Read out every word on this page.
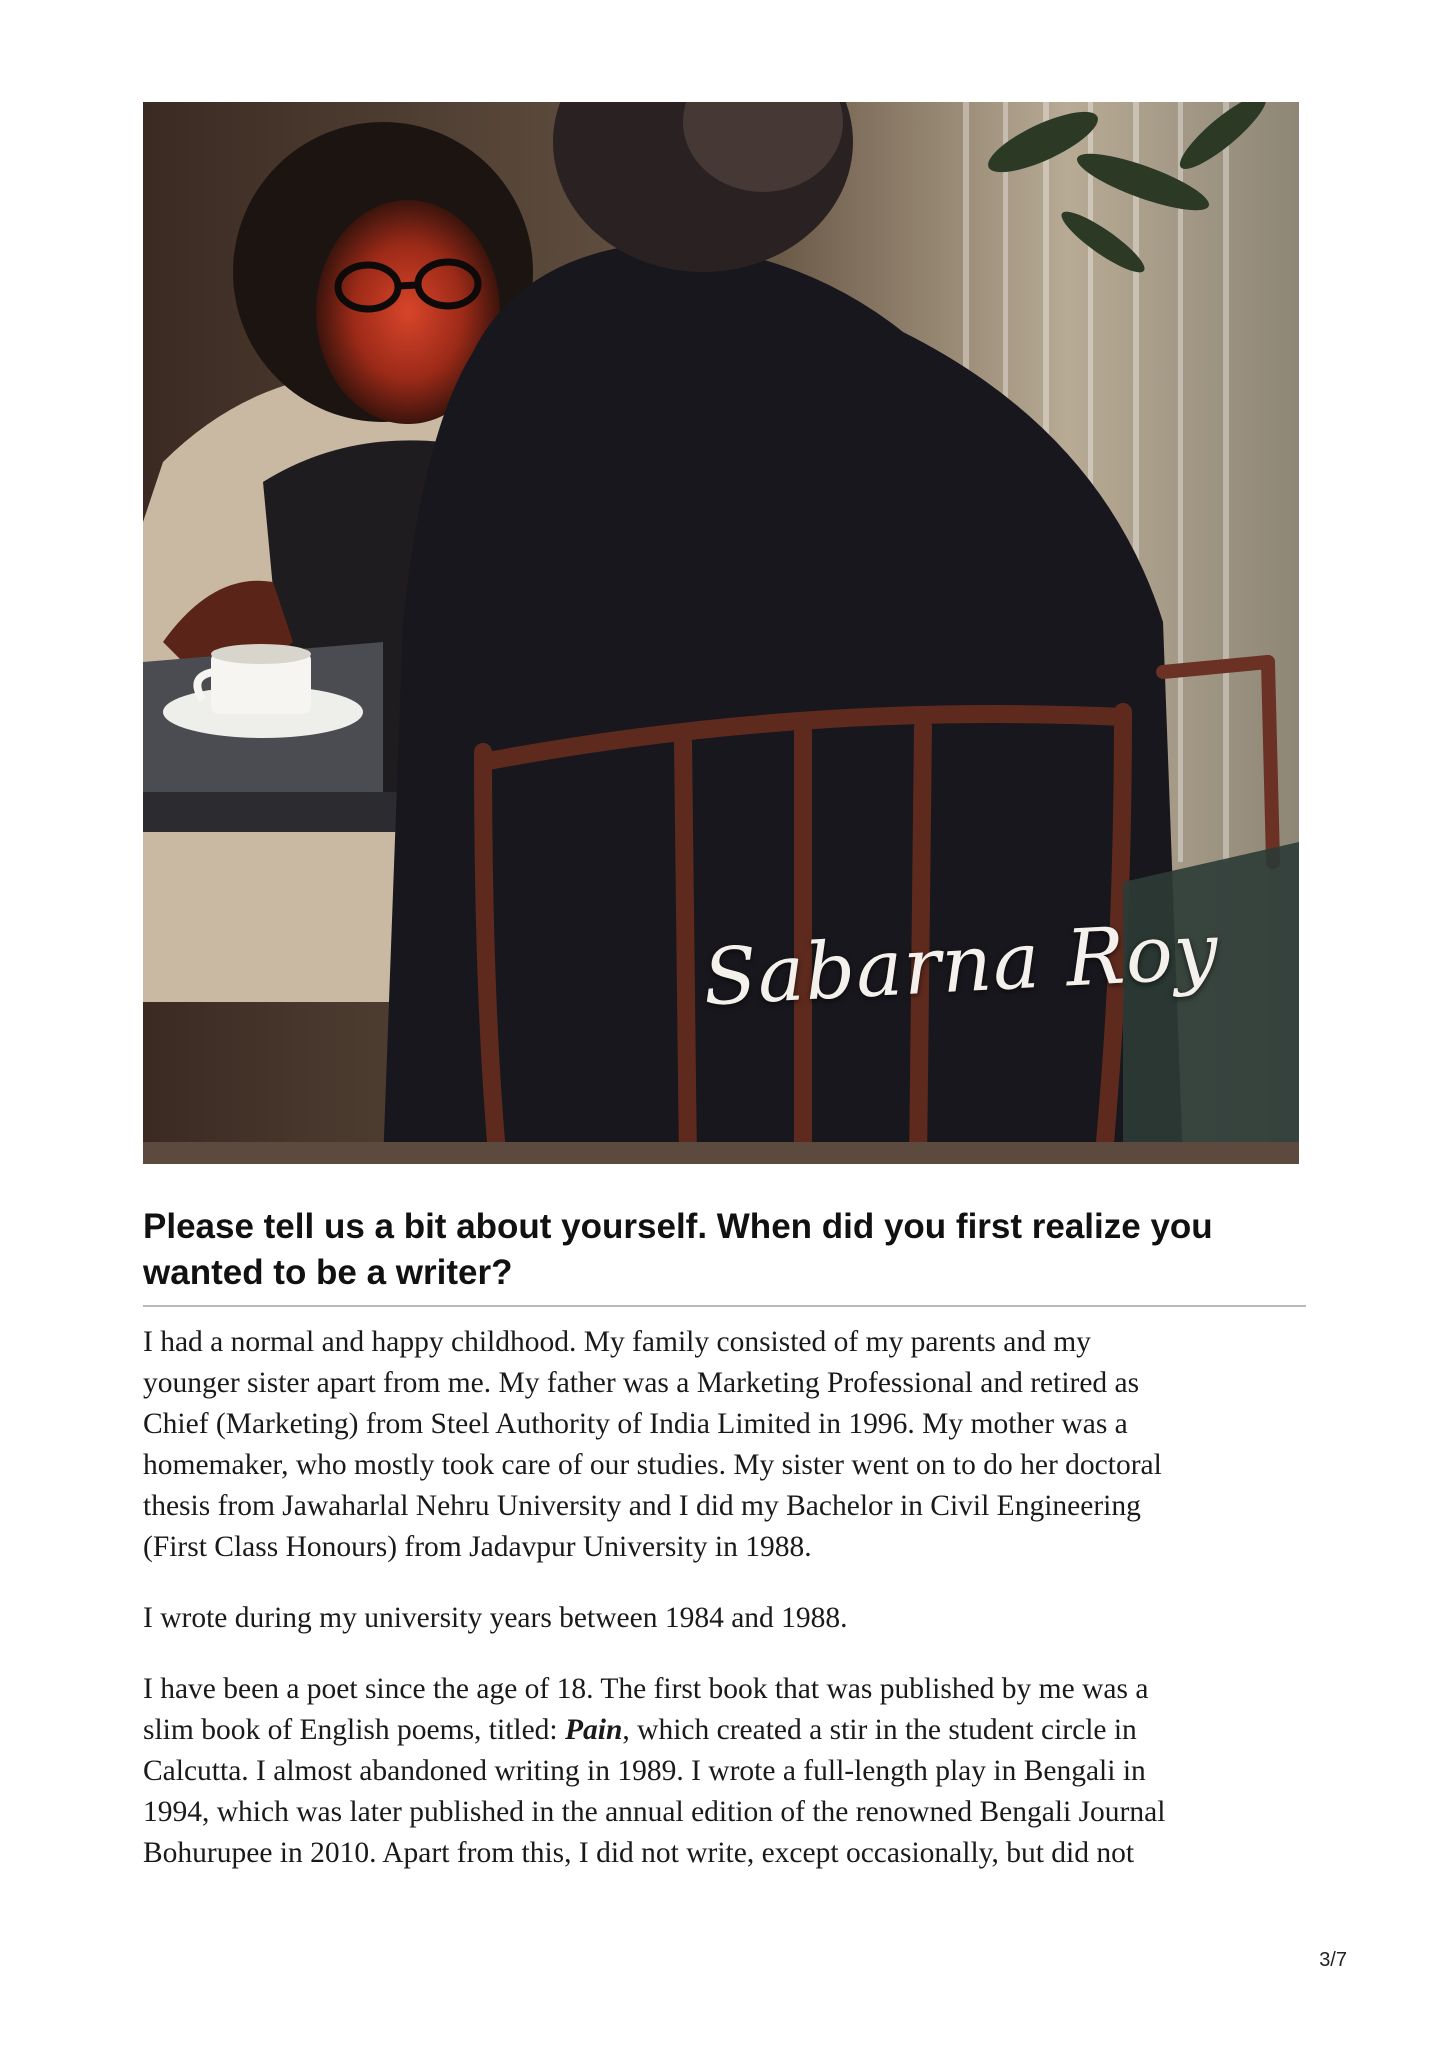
Sabarna Roy
Please tell us a bit about yourself. When did you first realize you wanted to be a writer?

I had a normal and happy childhood. My family consisted of my parents and my
younger sister apart from me. My father was a Marketing Professional and retired as
Chief (Marketing) from Steel Authority of India Limited in 1996. My mother was a
homemaker, who mostly took care of our studies. My sister went on to do her doctoral
thesis from Jawaharlal Nehru University and I did my Bachelor in Civil Engineering
(First Class Honours) from Jadavpur University in 1988.

I wrote during my university years between 1984 and 1988.

I have been a poet since the age of 18. The first book that was published by me was a
slim book of English poems, titled: Pain, which created a stir in the student circle in
Calcutta. I almost abandoned writing in 1989. I wrote a full-length play in Bengali in
1994, which was later published in the annual edition of the renowned Bengali Journal
Bohurupee in 2010. Apart from this, I did not write, except occasionally, but did not

3/7
